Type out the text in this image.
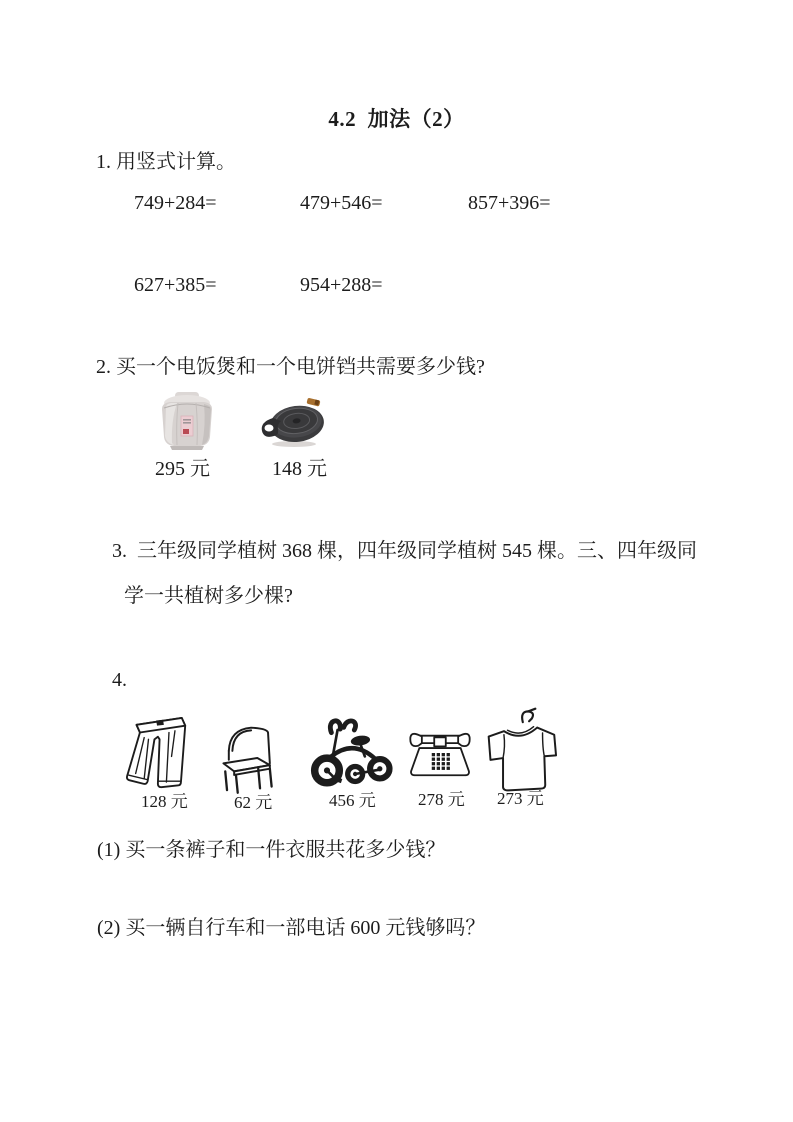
4.2  加法（2）
1. 用竖式计算。
749+284=	479+546=	857+396=
627+385=	954+288=
2. 买一个电饭煲和一个电饼铛共需要多少钱?
295 元	148 元
3.  三年级同学植树 368 棵，四年级同学植树 545 棵。三、四年级同
学一共植树多少棵?
4.
128 元	62 元	456 元 278 元 273 元
(1) 买一条裤子和一件衣服共花多少钱？
(2) 买一辆自行车和一部电话 600 元钱够吗？
